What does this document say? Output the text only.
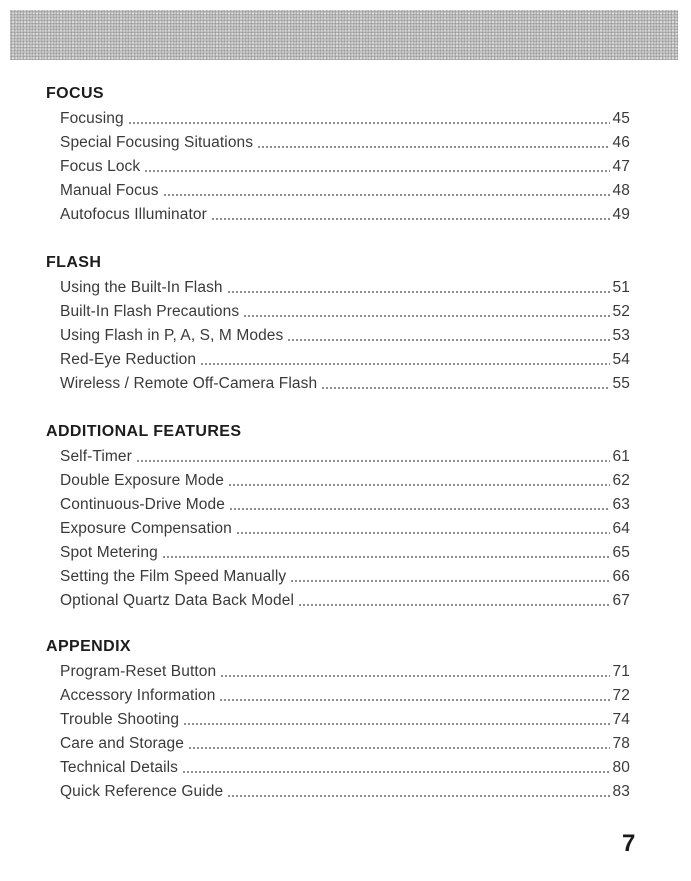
FOCUS
Focusing	45
Special Focusing Situations	46
Focus Lock	47
Manual Focus	48
Autofocus Illuminator	49
FLASH
Using the Built-In Flash	51
Built-In Flash Precautions	52
Using Flash in P, A, S, M Modes	53
Red-Eye Reduction	54
Wireless / Remote Off-Camera Flash	55
ADDITIONAL FEATURES
Self-Timer	61
Double Exposure Mode	62
Continuous-Drive Mode	63
Exposure Compensation	64
Spot Metering	65
Setting the Film Speed Manually	66
Optional Quartz Data Back Model	67
APPENDIX
Program-Reset Button	71
Accessory Information	72
Trouble Shooting	74
Care and Storage	78
Technical Details	80
Quick Reference Guide	83
7
